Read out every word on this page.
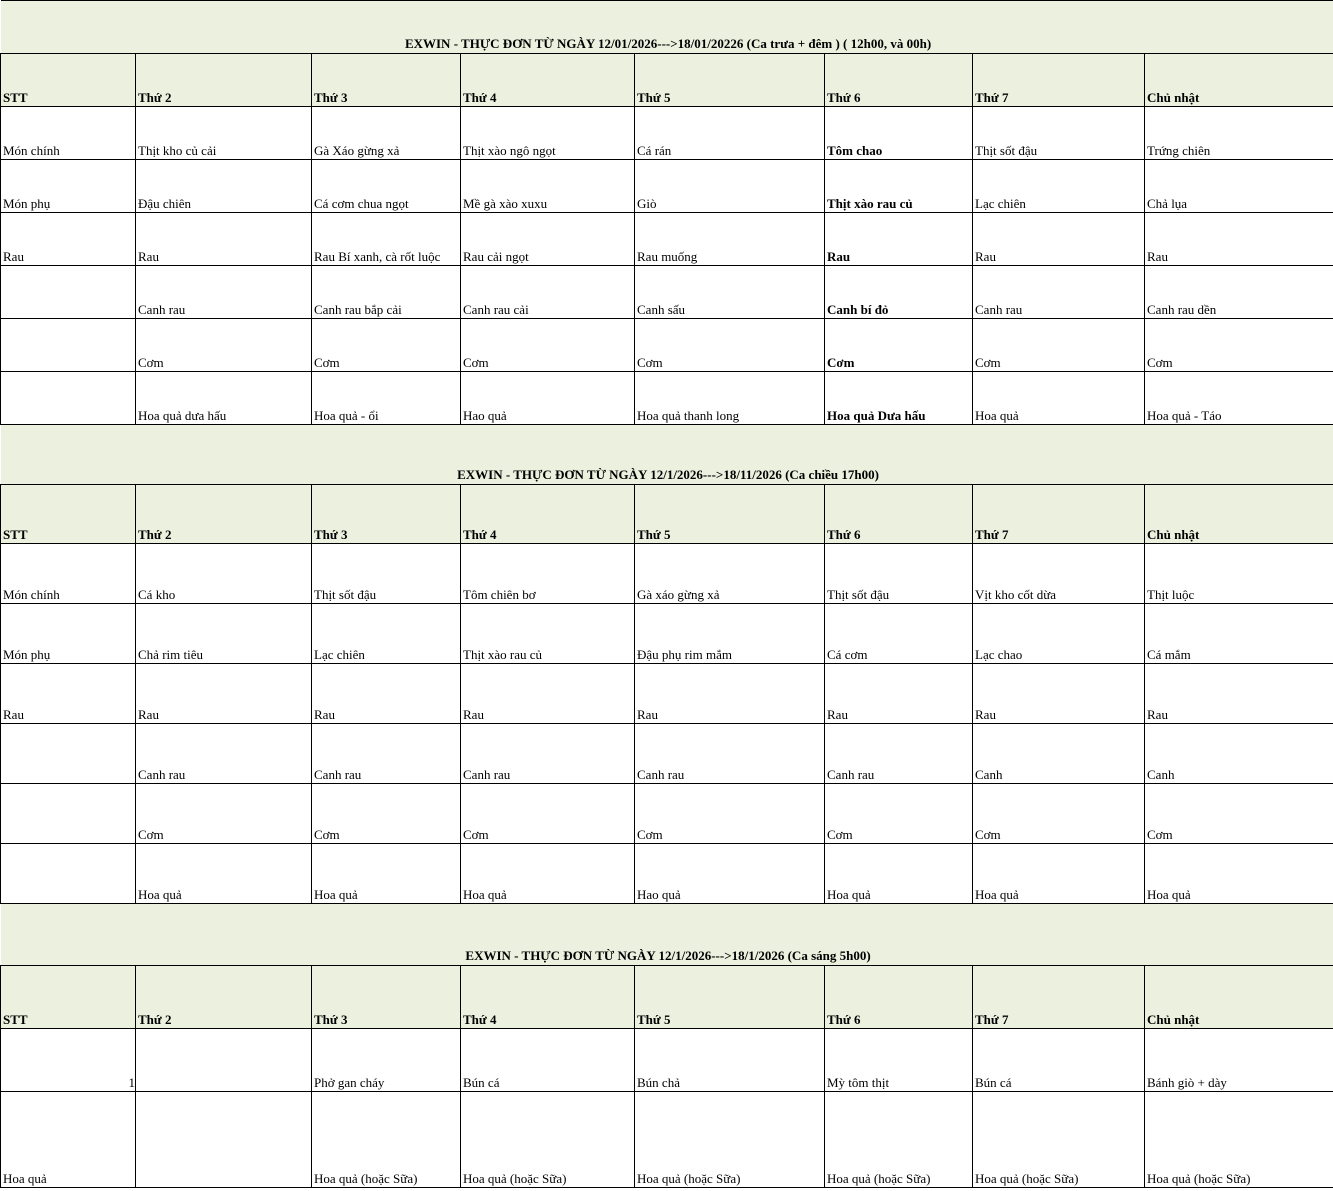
EXWIN - THỰC ĐƠN TỪ NGÀY 12/01/2026--->18/01/20226 (Ca trưa + đêm ) ( 12h00, và 00h)							
STT	Thứ 2	Thứ 3	Thứ 4	Thứ 5	Thứ 6	Thứ 7	Chủ nhật
Món chính	Thịt kho củ cải	Gà Xáo gừng xả	Thịt xào ngô ngọt	Cá rán	Tôm chao	Thịt sốt đậu	Trứng chiên
Món phụ	Đậu chiên	Cá cơm chua ngọt	Mề gà xào xuxu	Giò	Thịt xào rau củ	Lạc chiên	Chả lụa
Rau	Rau	Rau Bí xanh, cà rốt luộc	Rau cải ngọt	Rau muống	Rau	Rau	Rau
	Canh rau	Canh rau bắp cải	Canh rau cải	Canh sấu	Canh bí đỏ	Canh rau	Canh rau dền
	Cơm	Cơm	Cơm	Cơm	Cơm	Cơm	Cơm
	Hoa quả dưa hấu	Hoa quả - ổi	Hao quả	Hoa quả thanh long	Hoa quả Dưa hấu	Hoa quả	Hoa quả - Táo
EXWIN - THỰC ĐƠN TỪ NGÀY 12/1/2026--->18/11/2026 (Ca chiều 17h00)							
STT	Thứ 2	Thứ 3	Thứ 4	Thứ 5	Thứ 6	Thứ 7	Chủ nhật
Món chính	Cá kho	Thịt sốt đậu	Tôm chiên bơ	Gà xáo gừng xả	Thịt sốt đậu	Vịt kho cốt dừa	Thịt luộc
Món phụ	Chả rim tiêu	Lạc chiên	Thịt xào rau củ	Đậu phụ rim mắm	Cá cơm	Lạc chao	Cá mắm
Rau	Rau	Rau	Rau	Rau	Rau	Rau	Rau
	Canh rau	Canh rau	Canh rau	Canh rau	Canh rau	Canh	Canh
	Cơm	Cơm	Cơm	Cơm	Cơm	Cơm	Cơm
	Hoa quả	Hoa quả	Hoa quả	Hao quả	Hoa quả	Hoa quả	Hoa quả
EXWIN - THỰC ĐƠN TỪ NGÀY 12/1/2026--->18/1/2026 (Ca sáng 5h00)							
STT	Thứ 2	Thứ 3	Thứ 4	Thứ 5	Thứ 6	Thứ 7	Chủ nhật
1		Phở gan cháy	Bún cá	Bún chả	Mỳ tôm thịt	Bún cá	Bánh giò + dày
Hoa quả		Hoa quả (hoặc Sữa)	Hoa quả (hoặc Sữa)	Hoa quả (hoặc Sữa)	Hoa quả (hoặc Sữa)	Hoa quả (hoặc Sữa)	Hoa quả (hoặc Sữa)
